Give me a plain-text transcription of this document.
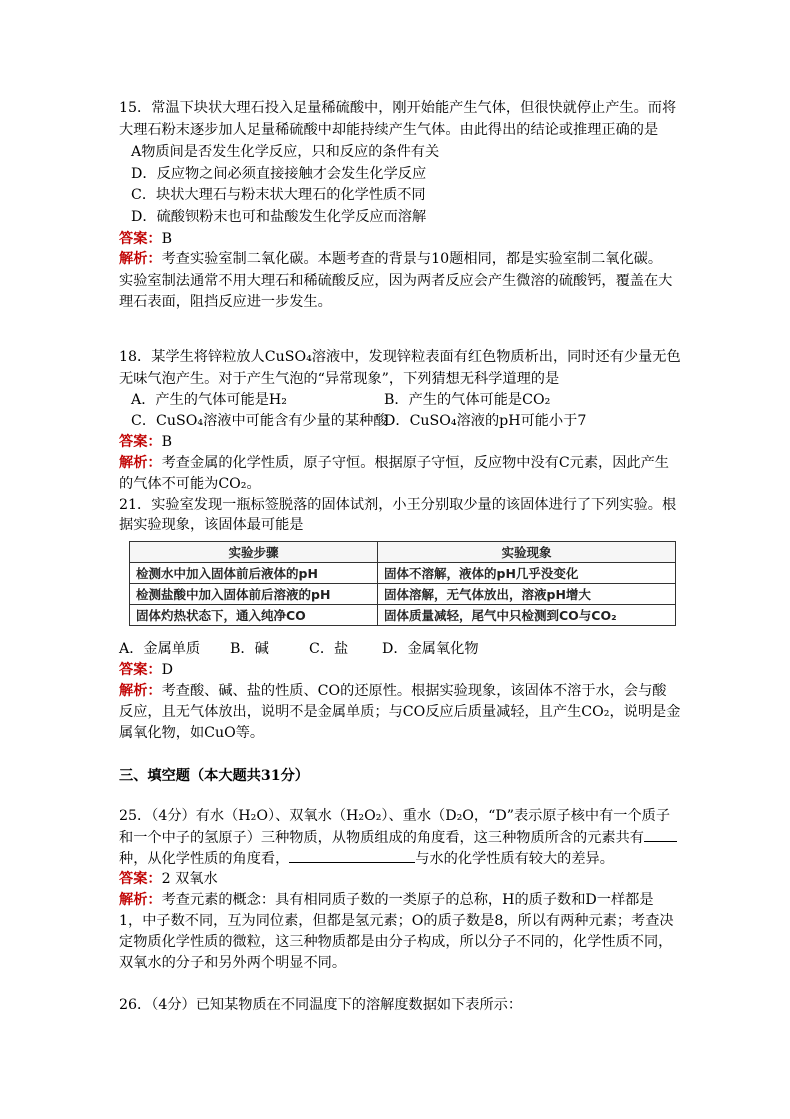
15．常温下块状大理石投入足量稀硫酸中，刚开始能产生气体，但很快就停止产生。而将
大理石粉末逐步加人足量稀硫酸中却能持续产生气体。由此得出的结论或推理正确的是
A物质间是否发生化学反应，只和反应的条件有关
D．反应物之间必须直接接触才会发生化学反应
C．块状大理石与粉末状大理石的化学性质不同
D．硫酸钡粉末也可和盐酸发生化学反应而溶解
答案：B
解析：考查实验室制二氧化碳。本题考查的背景与10题相同，都是实验室制二氧化碳。
实验室制法通常不用大理石和稀硫酸反应，因为两者反应会产生微溶的硫酸钙，覆盖在大
理石表面，阻挡反应进一步发生。
18．某学生将锌粒放人CuSO₄溶液中，发现锌粒表面有红色物质析出，同时还有少量无色
无味气泡产生。对于产生气泡的“异常现象”，下列猜想无科学道理的是
A．产生的气体可能是H₂	B．产生的气体可能是CO₂
C．CuSO₄溶液中可能含有少量的某种酸
D．CuSO₄溶液的pH可能小于7
答案：B
解析：考查金属的化学性质，原子守恒。根据原子守恒，反应物中没有C元素，因此产生
的气体不可能为CO₂。
21．实验室发现一瓶标签脱落的固体试剂，小王分别取少量的该固体进行了下列实验。根
据实验现象，该固体最可能是
实验步骤	实验现象
检测水中加入固体前后液体的pH	固体不溶解，液体的pH几乎没变化
检测盐酸中加入固体前后溶液的pH	固体溶解，无气体放出，溶液pH增大
固体灼热状态下，通入纯净CO	固体质量减轻，尾气中只检测到CO与CO₂
A．金属单质 B．碱	C．盐 D．金属氧化物
答案：D
解析：考查酸、碱、盐的性质、CO的还原性。根据实验现象，该固体不溶于水，会与酸
反应，且无气体放出，说明不是金属单质；与CO反应后质量减轻，且产生CO₂，说明是金
属氧化物，如CuO等。
三、填空题（本大题共31分）
25．（4分）有水（H₂O）、双氧水（H₂O₂）、重水（D₂O，“D”表示原子核中有一个质子
和一个中子的氢原子）三种物质，从物质组成的角度看，这三种物质所含的元素共有
种，从化学性质的角度看，	与水的化学性质有较大的差异。
答案：2 双氧水
解析：考查元素的概念：具有相同质子数的一类原子的总称，H的质子数和D一样都是
1，中子数不同，互为同位素，但都是氢元素；O的质子数是8，所以有两种元素；考查决
定物质化学性质的微粒，这三种物质都是由分子构成，所以分子不同的，化学性质不同，
双氧水的分子和另外两个明显不同。
26．（4分）已知某物质在不同温度下的溶解度数据如下表所示：
